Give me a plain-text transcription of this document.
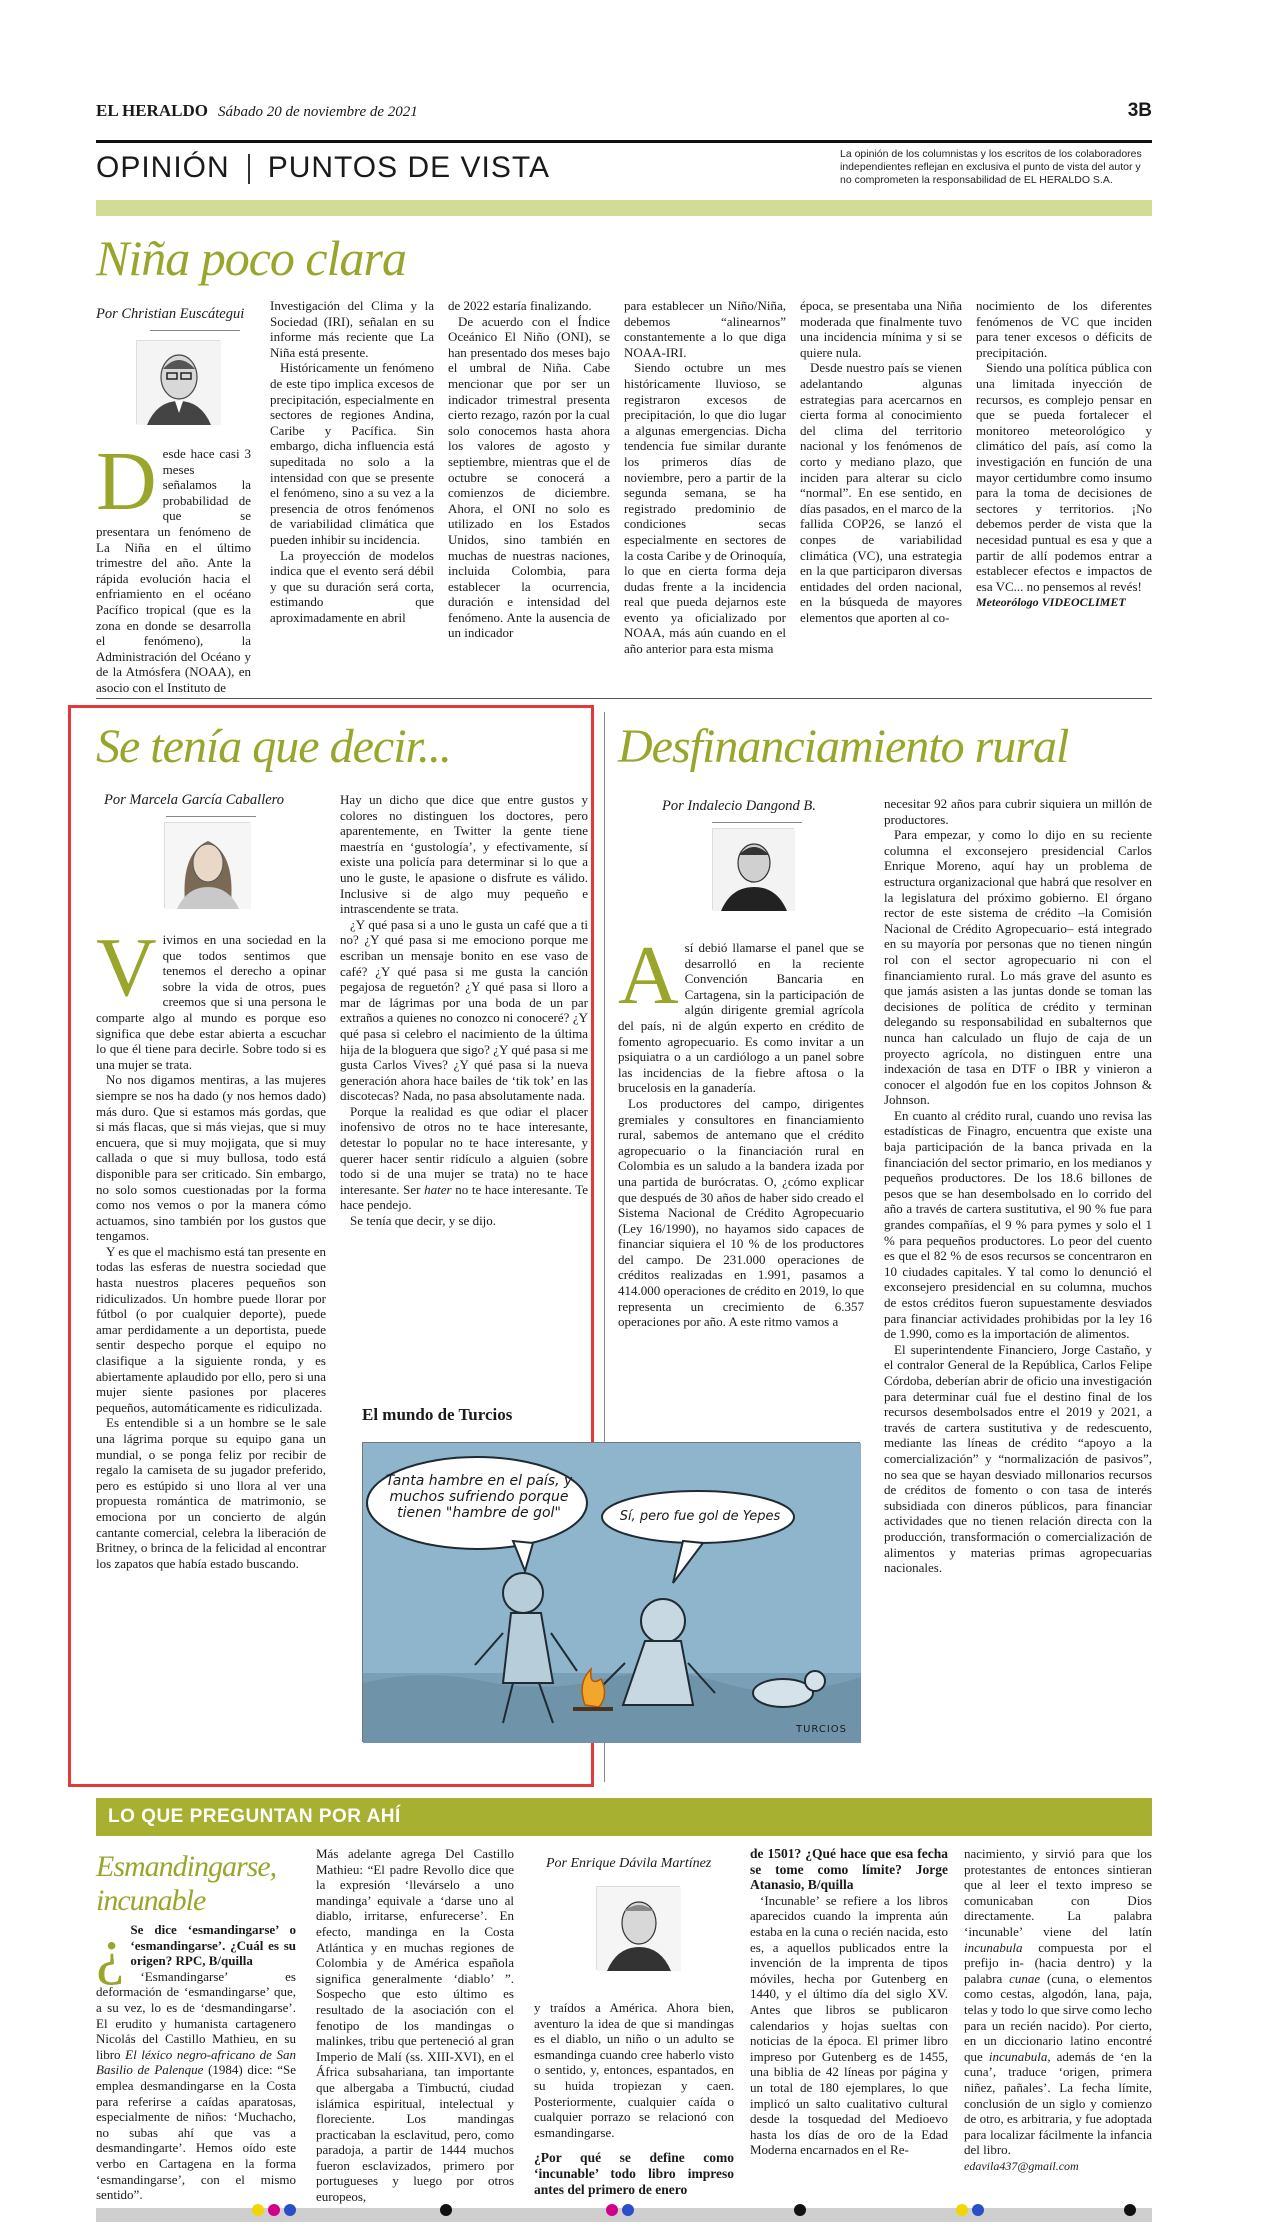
EL HERALDO Sábado 20 de noviembre de 2021	3B
OPINIÓN PUNTOS DE VISTA	La opinión de los columnistas y los escritos de los colaboradores independientes reflejan en exclusiva el punto de vista del autor y no comprometen la responsabilidad de EL HERALDO S.A.
Niña poco clara
Por Christian Euscátegui
D esde hace casi 3 meses señalamos la probabilidad de que se presentara un fenómeno de La Niña en el último trimestre del año. Ante la rápida evolución hacia el enfriamiento en el océano Pacífico tropical (que es la zona en donde se desarrolla el fenómeno), la Administración del Océano y de la Atmósfera (NOAA), en asocio con el Instituto de

Investigación del Clima y la Sociedad (IRI), señalan en su informe más reciente que La Niña está presente.

Históricamente un fenómeno de este tipo implica excesos de precipitación, especialmente en sectores de regiones Andina, Caribe y Pacífica. Sin embargo, dicha influencia está supeditada no solo a la intensidad con que se presente el fenómeno, sino a su vez a la presencia de otros fenómenos de variabilidad climática que pueden inhibir su incidencia.

La proyección de modelos indica que el evento será débil y que su duración será corta, estimando que aproximadamente en abril

de 2022 estaría finalizando.

De acuerdo con el Índice Oceánico El Niño (ONI), se han presentado dos meses bajo el umbral de Niña. Cabe mencionar que por ser un indicador trimestral presenta cierto rezago, razón por la cual solo conocemos hasta ahora los valores de agosto y septiembre, mientras que el de octubre se conocerá a comienzos de diciembre. Ahora, el ONI no solo es utilizado en los Estados Unidos, sino también en muchas de nuestras naciones, incluida Colombia, para establecer la ocurrencia, duración e intensidad del fenómeno. Ante la ausencia de un indicador

para establecer un Niño/Niña, debemos “alinearnos” constantemente a lo que diga NOAA-IRI.

Siendo octubre un mes históricamente lluvioso, se registraron excesos de precipitación, lo que dio lugar a algunas emergencias. Dicha tendencia fue similar durante los primeros días de noviembre, pero a partir de la segunda semana, se ha registrado predominio de condiciones secas especialmente en sectores de la costa Caribe y de Orinoquía, lo que en cierta forma deja dudas frente a la incidencia real que pueda dejarnos este evento ya oficializado por NOAA, más aún cuando en el año anterior para esta misma

época, se presentaba una Niña moderada que finalmente tuvo una incidencia mínima y si se quiere nula.

Desde nuestro país se vienen adelantando algunas estrategias para acercarnos en cierta forma al conocimiento del clima del territorio nacional y los fenómenos de corto y mediano plazo, que inciden para alterar su ciclo “normal”. En ese sentido, en días pasados, en el marco de la fallida COP26, se lanzó el conpes de variabilidad climática (VC), una estrategia en la que participaron diversas entidades del orden nacional, en la búsqueda de mayores elementos que aporten al co-

nocimiento de los diferentes fenómenos de VC que inciden para tener excesos o déficits de precipitación.

Siendo una política pública con una limitada inyección de recursos, es complejo pensar en que se pueda fortalecer el monitoreo meteorológico y climático del país, así como la investigación en función de una mayor certidumbre como insumo para la toma de decisiones de sectores y territorios. ¡No debemos perder de vista que la necesidad puntual es esa y que a partir de allí podemos entrar a establecer efectos e impactos de esa VC... no pensemos al revés!

Meteorólogo VIDEOCLIMET

Se tenía que decir...
Por Marcela García Caballero
V ivimos en una sociedad en la que todos sentimos que tenemos el derecho a opinar sobre la vida de otros, pues creemos que si una persona le comparte algo al mundo es porque eso significa que debe estar abierta a escuchar lo que él tiene para decirle. Sobre todo si es una mujer se trata.

No nos digamos mentiras, a las mujeres siempre se nos ha dado (y nos hemos dado) más duro. Que si estamos más gordas, que si más flacas, que si más viejas, que si muy encuera, que si muy mojigata, que si muy callada o que si muy bullosa, todo está disponible para ser criticado. Sin embargo, no solo somos cuestionadas por la forma como nos vemos o por la manera cómo actuamos, sino también por los gustos que tengamos.

Y es que el machismo está tan presente en todas las esferas de nuestra sociedad que hasta nuestros placeres pequeños son ridiculizados. Un hombre puede llorar por fútbol (o por cualquier deporte), puede amar perdidamente a un deportista, puede sentir despecho porque el equipo no clasifique a la siguiente ronda, y es abiertamente aplaudido por ello, pero si una mujer siente pasiones por placeres pequeños, automáticamente es ridiculizada.

Es entendible si a un hombre se le sale una lágrima porque su equipo gana un mundial, o se ponga feliz por recibir de regalo la camiseta de su jugador preferido, pero es estúpido si uno llora al ver una propuesta romántica de matrimonio, se emociona por un concierto de algún cantante comercial, celebra la liberación de Britney, o brinca de la felicidad al encontrar los zapatos que había estado buscando.

Hay un dicho que dice que entre gustos y colores no distinguen los doctores, pero aparentemente, en Twitter la gente tiene maestría en ‘gustología’, y efectivamente, sí existe una policía para determinar si lo que a uno le guste, le apasione o disfrute es válido. Inclusive si de algo muy pequeño e intrascendente se trata.

¿Y qué pasa si a uno le gusta un café que a ti no? ¿Y qué pasa si me emociono porque me escriban un mensaje bonito en ese vaso de café? ¿Y qué pasa si me gusta la canción pegajosa de reguetón? ¿Y qué pasa si lloro a mar de lágrimas por una boda de un par extraños a quienes no conozco ni conoceré? ¿Y qué pasa si celebro el nacimiento de la última hija de la bloguera que sigo? ¿Y qué pasa si me gusta Carlos Vives? ¿Y qué pasa si la nueva generación ahora hace bailes de ‘tik tok’ en las discotecas? Nada, no pasa absolutamente nada.

Porque la realidad es que odiar el placer inofensivo de otros no te hace interesante, detestar lo popular no te hace interesante, y querer hacer sentir ridículo a alguien (sobre todo si de una mujer se trata) no te hace interesante. Ser hater no te hace interesante. Te hace pendejo.

Se tenía que decir, y se dijo.

El mundo de Turcios
Tanta hambre en el país, y muchos sufriendo porque tienen "hambre de gol"	Sí, pero fue gol de Yepes
TURCIOS
Desfinanciamiento rural
Por Indalecio Dangond B.
A sí debió llamarse el panel que se desarrolló en la reciente Convención Bancaria en Cartagena, sin la participación de algún dirigente gremial agrícola del país, ni de algún experto en crédito de fomento agropecuario. Es como invitar a un psiquiatra o a un cardiólogo a un panel sobre las incidencias de la fiebre aftosa o la brucelosis en la ganadería.

Los productores del campo, dirigentes gremiales y consultores en financiamiento rural, sabemos de antemano que el crédito agropecuario o la financiación rural en Colombia es un saludo a la bandera izada por una partida de burócratas. O, ¿cómo explicar que después de 30 años de haber sido creado el Sistema Nacional de Crédito Agropecuario (Ley 16/1990), no hayamos sido capaces de financiar siquiera el 10 % de los productores del campo. De 231.000 operaciones de créditos realizadas en 1.991, pasamos a 414.000 operaciones de crédito en 2019, lo que representa un crecimiento de 6.357 operaciones por año. A este ritmo vamos a

necesitar 92 años para cubrir siquiera un millón de productores.

Para empezar, y como lo dijo en su reciente columna el exconsejero presidencial Carlos Enrique Moreno, aquí hay un problema de estructura organizacional que habrá que resolver en la legislatura del próximo gobierno. El órgano rector de este sistema de crédito –la Comisión Nacional de Crédito Agropecuario– está integrado en su mayoría por personas que no tienen ningún rol con el sector agropecuario ni con el financiamiento rural. Lo más grave del asunto es que jamás asisten a las juntas donde se toman las decisiones de política de crédito y terminan delegando su responsabilidad en subalternos que nunca han calculado un flujo de caja de un proyecto agrícola, no distinguen entre una indexación de tasa en DTF o IBR y vinieron a conocer el algodón fue en los copitos Johnson & Johnson.

En cuanto al crédito rural, cuando uno revisa las estadísticas de Finagro, encuentra que existe una baja participación de la banca privada en la financiación del sector primario, en los medianos y pequeños productores. De los 18.6 billones de pesos que se han desembolsado en lo corrido del año a través de cartera sustitutiva, el 90 % fue para grandes compañías, el 9 % para pymes y solo el 1 % para pequeños productores. Lo peor del cuento es que el 82 % de esos recursos se concentraron en 10 ciudades capitales. Y tal como lo denunció el exconsejero presidencial en su columna, muchos de estos créditos fueron supuestamente desviados para financiar actividades prohibidas por la ley 16 de 1.990, como es la importación de alimentos.

El superintendente Financiero, Jorge Castaño, y el contralor General de la República, Carlos Felipe Córdoba, deberían abrir de oficio una investigación para determinar cuál fue el destino final de los recursos desembolsados entre el 2019 y 2021, a través de cartera sustitutiva y de redescuento, mediante las líneas de crédito “apoyo a la comercialización” y “normalización de pasivos”, no sea que se hayan desviado millonarios recursos de créditos de fomento o con tasa de interés subsidiada con dineros públicos, para financiar actividades que no tienen relación directa con la producción, transformación o comercialización de alimentos y materias primas agropecuarias nacionales.

LO QUE PREGUNTAN POR AHÍ
Esmandingarse,
incunable
¿ Se dice ‘esmandingarse’ o ‘esmandingarse’. ¿Cuál es su origen? RPC, B/quilla

‘Esmandingarse’ es deformación de ‘esmandingarse’ que, a su vez, lo es de ‘desmandingarse’. El erudito y humanista cartagenero Nicolás del Castillo Mathieu, en su libro El léxico negro-africano de San Basilio de Palenque (1984) dice: “Se emplea desmandingarse en la Costa para referirse a caídas aparatosas, especialmente de niños: ‘Muchacho, no subas ahí que vas a desmandingarte’. Hemos oído este verbo en Cartagena en la forma ‘esmandingarse’, con el mismo sentido”.

Más adelante agrega Del Castillo Mathieu: “El padre Revollo dice que la expresión ‘llevárselo a uno mandinga’ equivale a ‘darse uno al diablo, irritarse, enfurecerse’. En efecto, mandinga en la Costa Atlántica y en muchas regiones de Colombia y de América española significa generalmente ‘diablo’ ”. Sospecho que esto último es resultado de la asociación con el fenotipo de los mandingas o malinkes, tribu que perteneció al gran Imperio de Malí (ss. XIII-XVI), en el África subsahariana, tan importante que albergaba a Timbuctú, ciudad islámica espiritual, intelectual y floreciente. Los mandingas practicaban la esclavitud, pero, como paradoja, a partir de 1444 muchos fueron esclavizados, primero por portugueses y luego por otros europeos,

Por Enrique Dávila Martínez

y traídos a América. Ahora bien, aventuro la idea de que si mandingas es el diablo, un niño o un adulto se esmandinga cuando cree haberlo visto o sentido, y, entonces, espantados, en su huida tropiezan y caen. Posteriormente, cualquier caída o cualquier porrazo se relacionó con esmandingarse.

¿Por qué se define como ‘incunable’ todo libro impreso antes del primero de enero

de 1501? ¿Qué hace que esa fecha se tome como límite? Jorge Atanasio, B/quilla

‘Incunable’ se refiere a los libros aparecidos cuando la imprenta aún estaba en la cuna o recién nacida, esto es, a aquellos publicados entre la invención de la imprenta de tipos móviles, hecha por Gutenberg en 1440, y el último día del siglo XV. Antes que libros se publicaron calendarios y hojas sueltas con noticias de la época. El primer libro impreso por Gutenberg es de 1455, una biblia de 42 líneas por página y un total de 180 ejemplares, lo que implicó un salto cualitativo cultural desde la tosquedad del Medioevo hasta los días de oro de la Edad Moderna encarnados en el Re-

nacimiento, y sirvió para que los protestantes de entonces sintieran que al leer el texto impreso se comunicaban con Dios directamente. La palabra ‘incunable’ viene del latín incunabula compuesta por el prefijo in- (hacia dentro) y la palabra cunae (cuna, o elementos como cestas, algodón, lana, paja, telas y todo lo que sirve como lecho para un recién nacido). Por cierto, en un diccionario latino encontré que incunabula, además de ‘en la cuna’, traduce ‘origen, primera niñez, pañales’. La fecha límite, conclusión de un siglo y comienzo de otro, es arbitraria, y fue adoptada para localizar fácilmente la infancia del libro.

edavila437@gmail.com
